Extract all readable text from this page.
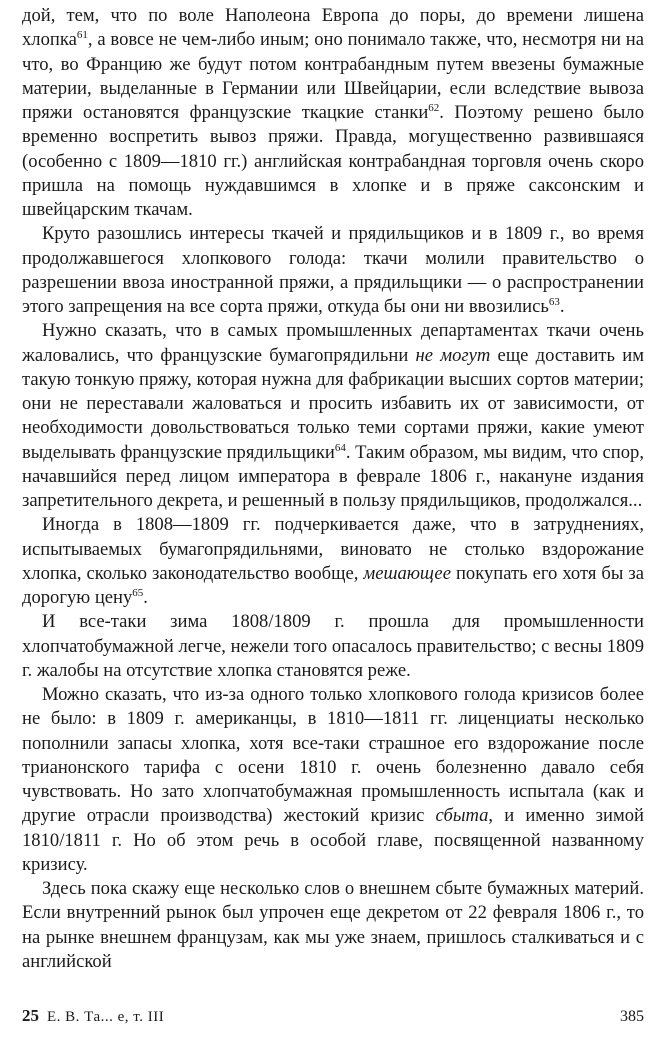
дой, тем, что по воле Наполеона Европа до поры, до времени лишена хлопка$^{61}$, а вовсе не чем-либо иным; оно понимало также, что, несмотря ни на что, во Францию же будут потом контрабандным путем ввезены бумажные материи, выделанные в Германии или Швейцарии, если вследствие вывоза пряжи остановятся французские ткацкие станки$^{62}$. Поэтому решено было временно воспретить вывоз пряжи. Правда, могущественно развившаяся (особенно с 1809—1810 гг.) английская контрабандная торговля очень скоро пришла на помощь нуждавшимся в хлопке и в пряже саксонским и швейцарским ткачам.

Круто разошлись интересы ткачей и прядильщиков и в 1809 г., во время продолжавшегося хлопкового голода: ткачи молили правительство о разрешении ввоза иностранной пряжи, а прядильщики — о распространении этого запрещения на все сорта пряжи, откуда бы они ни ввозились$^{63}$.

Нужно сказать, что в самых промышленных департаментах ткачи очень жаловались, что французские бумагопрядильни не могут еще доставить им такую тонкую пряжу, которая нужна для фабрикации высших сортов материи; они не переставали жаловаться и просить избавить их от зависимости, от необходимости довольствоваться только теми сортами пряжи, какие умеют выделывать французские прядильщики$^{64}$. Таким образом, мы видим, что спор, начавшийся перед лицом императора в феврале 1806 г., накануне издания запретительного декрета, и решенный в пользу прядильщиков, продолжался...

Иногда в 1808—1809 гг. подчеркивается даже, что в затруднениях, испытываемых бумагопрядильнями, виновато не столько вздорожание хлопка, сколько законодательство вообще, мешающее покупать его хотя бы за дорогую цену$^{65}$.

И все-таки зима 1808/1809 г. прошла для промышленности хлопчатобумажной легче, нежели того опасалось правительство; с весны 1809 г. жалобы на отсутствие хлопка становятся реже.

Можно сказать, что из-за одного только хлопкового голода кризисов более не было: в 1809 г. американцы, в 1810—1811 гг. лиценциаты несколько пополнили запасы хлопка, хотя все-таки страшное его вздорожание после трианонского тарифа с осени 1810 г. очень болезненно давало себя чувствовать. Но зато хлопчатобумажная промышленность испытала (как и другие отрасли производства) жестокий кризис сбыта, и именно зимой 1810/1811 г. Но об этом речь в особой главе, посвященной названному кризису.

Здесь пока скажу еще несколько слов о внешнем сбыте бумажных материй. Если внутренний рынок был упрочен еще декретом от 22 февраля 1806 г., то на рынке внешнем французам, как мы уже знаем, пришлось сталкиваться и с английской

25 Е. В. Та... е, т. III	385
